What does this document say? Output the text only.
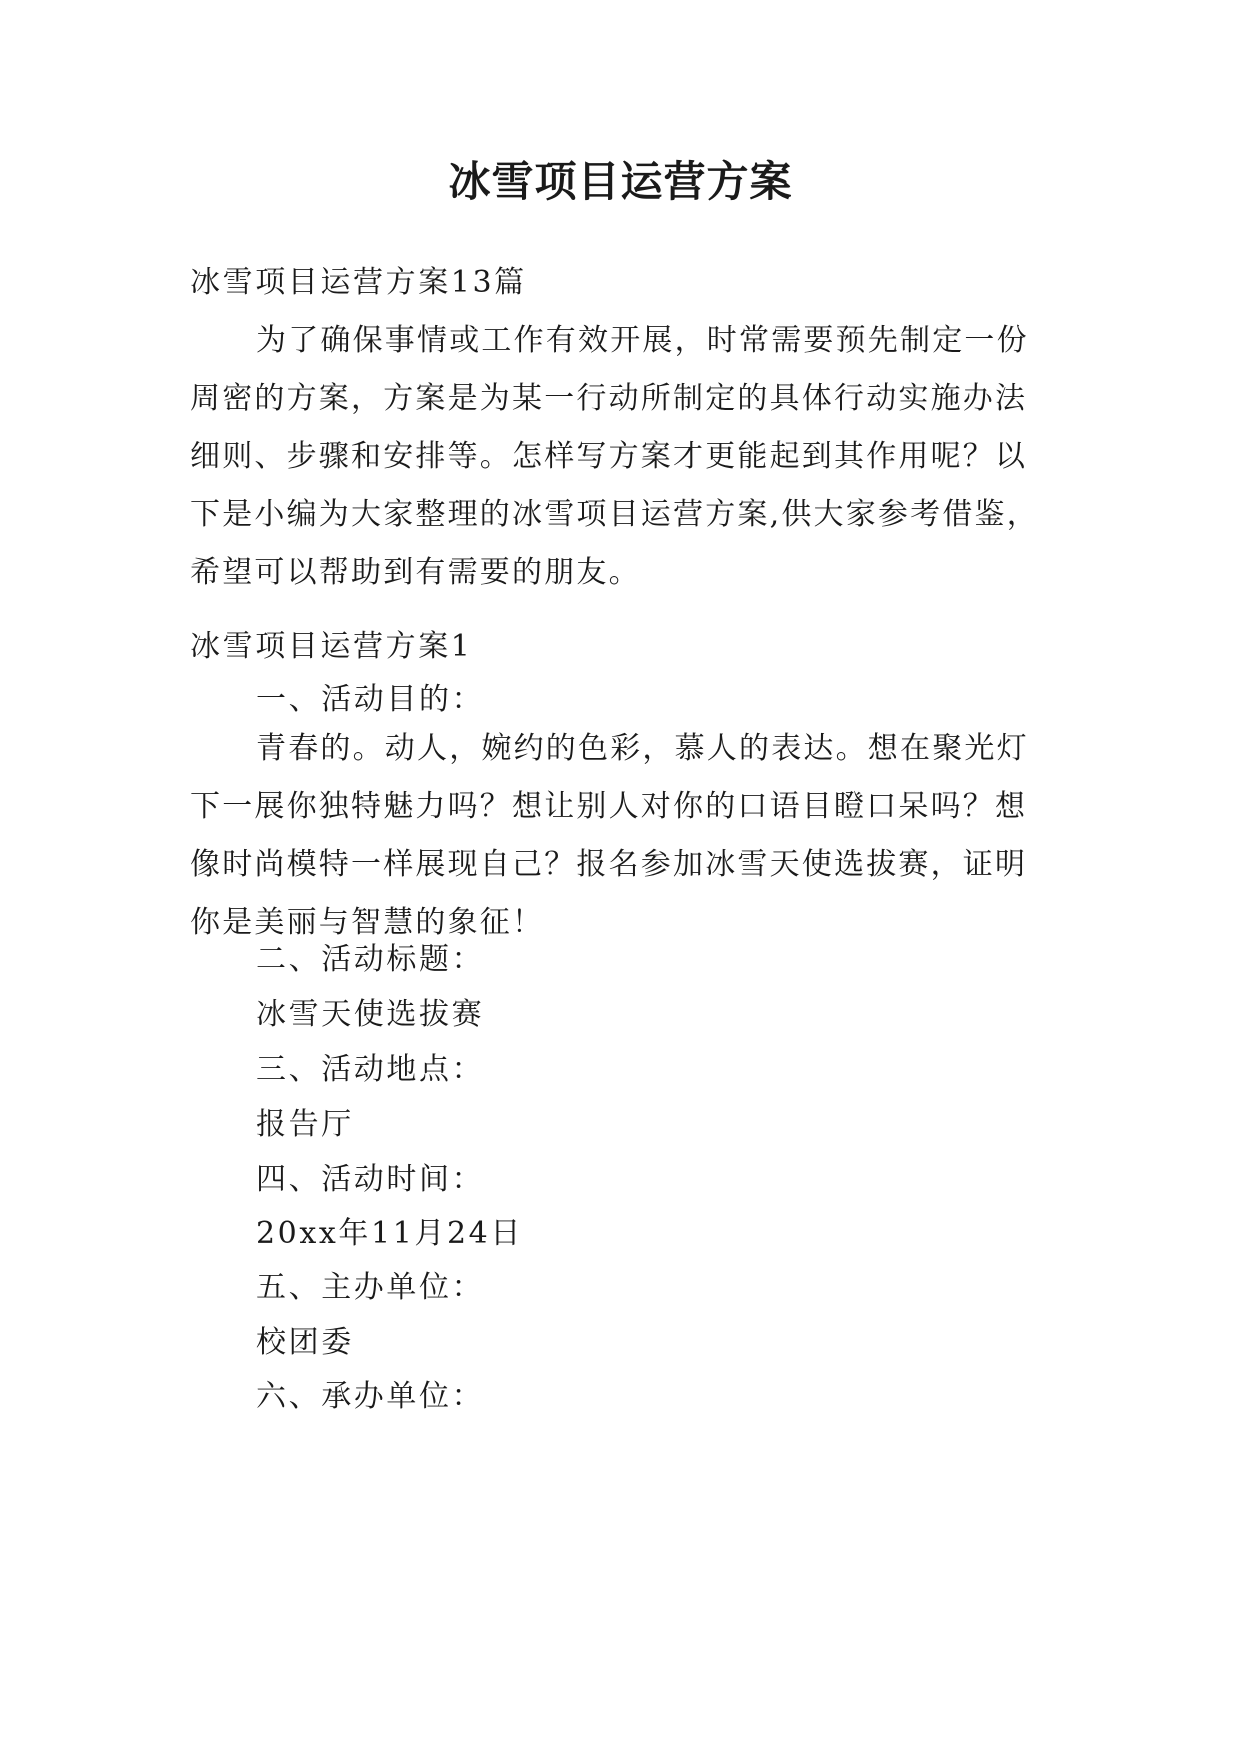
冰雪项目运营方案

冰雪项目运营方案13篇

为了确保事情或工作有效开展，时常需要预先制定一份周密的方案，方案是为某一行动所制定的具体行动实施办法细则、步骤和安排等。怎样写方案才更能起到其作用呢？以下是小编为大家整理的冰雪项目运营方案,供大家参考借鉴，希望可以帮助到有需要的朋友。

冰雪项目运营方案1

一、活动目的：

青春的。动人，婉约的色彩，慕人的表达。想在聚光灯下一展你独特魅力吗？想让别人对你的口语目瞪口呆吗？想像时尚模特一样展现自己？报名参加冰雪天使选拔赛，证明你是美丽与智慧的象征！

二、活动标题：

冰雪天使选拔赛

三、活动地点：

报告厅

四、活动时间：

20xx年11月24日

五、主办单位：

校团委

六、承办单位：
